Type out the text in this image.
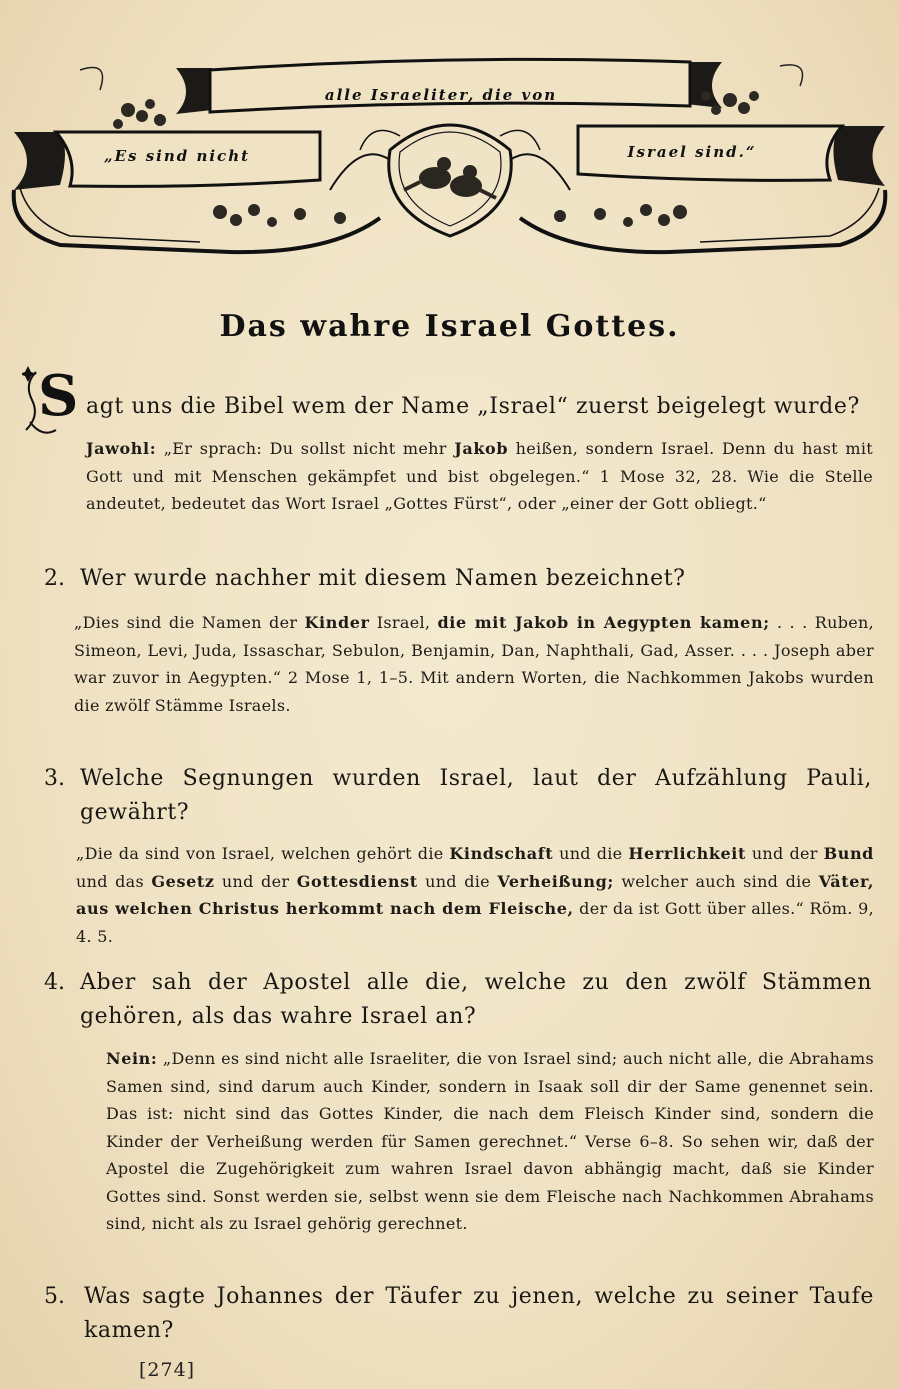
alle Israeliter, die von
„Es sind nicht	Israel sind.“
Das wahre Israel Gottes.
S agt uns die Bibel wem der Name „Israel“ zuerst beigelegt wurde?
Jawohl: „Er sprach: Du sollst nicht mehr Jakob heißen, sondern Israel. Denn du hast mit Gott und mit Menschen gekämpfet und bist obgelegen.“ 1 Mose 32, 28. Wie die Stelle andeutet, bedeutet das Wort Israel „Gottes Fürst“, oder „einer der Gott obliegt.“
2. Wer wurde nachher mit diesem Namen bezeichnet?
„Dies sind die Namen der Kinder Israel, die mit Jakob in Aegypten kamen; . . . Ruben, Simeon, Levi, Juda, Issaschar, Sebulon, Benjamin, Dan, Naphthali, Gad, Asser. . . . Joseph aber war zuvor in Aegypten.“ 2 Mose 1, 1–5. Mit andern Worten, die Nachkommen Jakobs wurden die zwölf Stämme Israels.
3. Welche Segnungen wurden Israel, laut der Aufzählung Pauli, gewährt?
„Die da sind von Israel, welchen gehört die Kindschaft und die Herrlichkeit und der Bund und das Gesetz und der Gottesdienst und die Verheißung; welcher auch sind die Väter, aus welchen Christus herkommt nach dem Fleische, der da ist Gott über alles.“ Röm. 9, 4. 5.
4. Aber sah der Apostel alle die, welche zu den zwölf Stämmen gehören, als das wahre Israel an?
Nein: „Denn es sind nicht alle Israeliter, die von Israel sind; auch nicht alle, die Abrahams Samen sind, sind darum auch Kinder, sondern in Isaak soll dir der Same genennet sein. Das ist: nicht sind das Gottes Kinder, die nach dem Fleisch Kinder sind, sondern die Kinder der Verheißung werden für Samen gerechnet.“ Verse 6–8. So sehen wir, daß der Apostel die Zugehörigkeit zum wahren Israel davon abhängig macht, daß sie Kinder Gottes sind. Sonst werden sie, selbst wenn sie dem Fleische nach Nachkommen Abrahams sind, nicht als zu Israel gehörig gerechnet.
5. Was sagte Johannes der Täufer zu jenen, welche zu seiner Taufe kamen?
[274]
